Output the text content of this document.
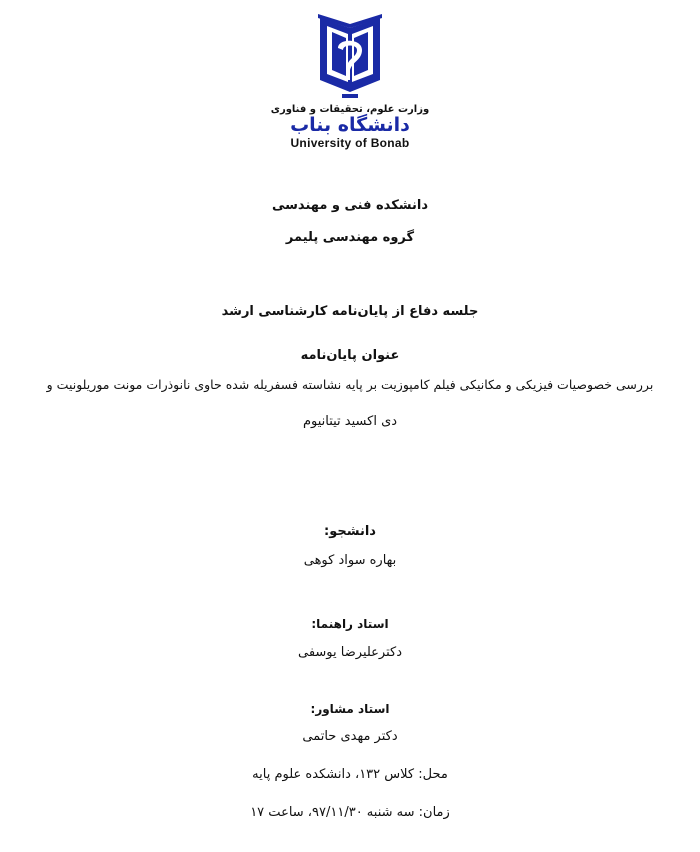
وزارت علوم، تحقیقات و فناوری
دانشگاه بناب
University of Bonab
دانشکده فنی و مهندسی
گروه مهندسی پلیمر
جلسه دفاع از پایان‌نامه کارشناسی ارشد
عنوان پایان‌نامه
بررسی خصوصیات فیزیکی و مکانیکی فیلم کامپوزیت بر پایه نشاسته فسفریله شده حاوی نانوذرات مونت موریلونیت و
دی اکسید تیتانیوم
دانشجو:
بهاره سواد کوهی
استاد راهنما:
دکترعلیرضا یوسفی
استاد مشاور:
دکتر مهدی حاتمی
محل: کلاس ۱۳۲، دانشکده علوم پایه
زمان: سه شنبه ۹۷/۱۱/۳۰، ساعت ۱۷
